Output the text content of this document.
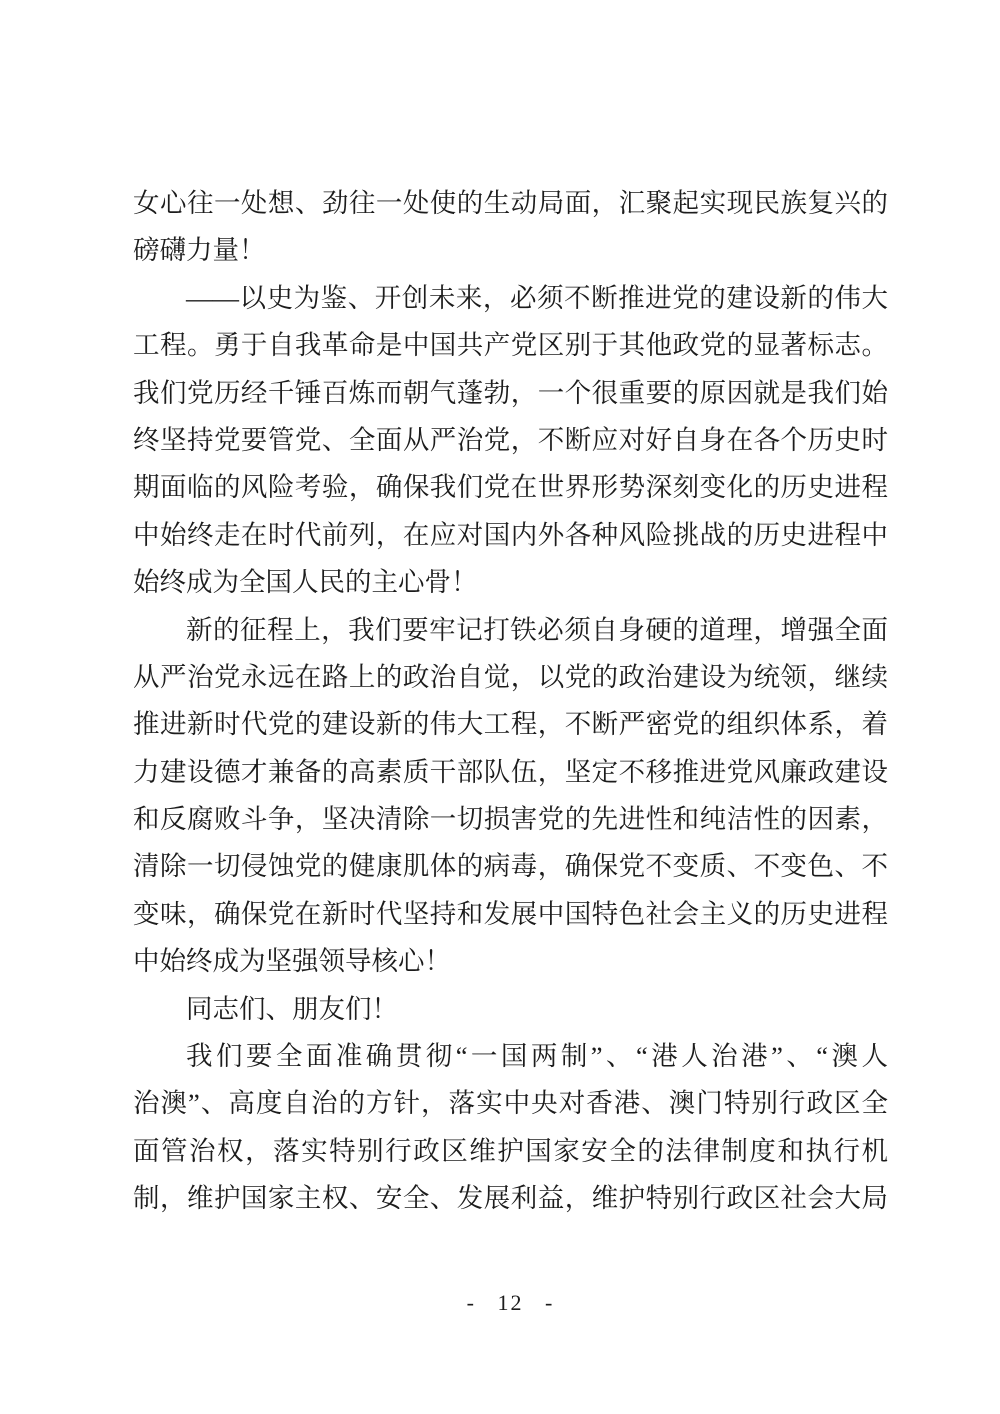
女心往一处想、劲往一处使的生动局面，汇聚起实现民族复兴的
磅礴力量！
——以史为鉴、开创未来，必须不断推进党的建设新的伟大
工程。勇于自我革命是中国共产党区别于其他政党的显著标志。
我们党历经千锤百炼而朝气蓬勃，一个很重要的原因就是我们始
终坚持党要管党、全面从严治党，不断应对好自身在各个历史时
期面临的风险考验，确保我们党在世界形势深刻变化的历史进程
中始终走在时代前列，在应对国内外各种风险挑战的历史进程中
始终成为全国人民的主心骨！
新的征程上，我们要牢记打铁必须自身硬的道理，增强全面
从严治党永远在路上的政治自觉，以党的政治建设为统领，继续
推进新时代党的建设新的伟大工程，不断严密党的组织体系，着
力建设德才兼备的高素质干部队伍，坚定不移推进党风廉政建设
和反腐败斗争，坚决清除一切损害党的先进性和纯洁性的因素，
清除一切侵蚀党的健康肌体的病毒，确保党不变质、不变色、不
变味，确保党在新时代坚持和发展中国特色社会主义的历史进程
中始终成为坚强领导核心！
同志们、朋友们！
我们要全面准确贯彻“一国两制”、“港人治港”、“澳人
治澳”、高度自治的方针，落实中央对香港、澳门特别行政区全
面管治权，落实特别行政区维护国家安全的法律制度和执行机
制，维护国家主权、安全、发展利益，维护特别行政区社会大局
- 12 -
